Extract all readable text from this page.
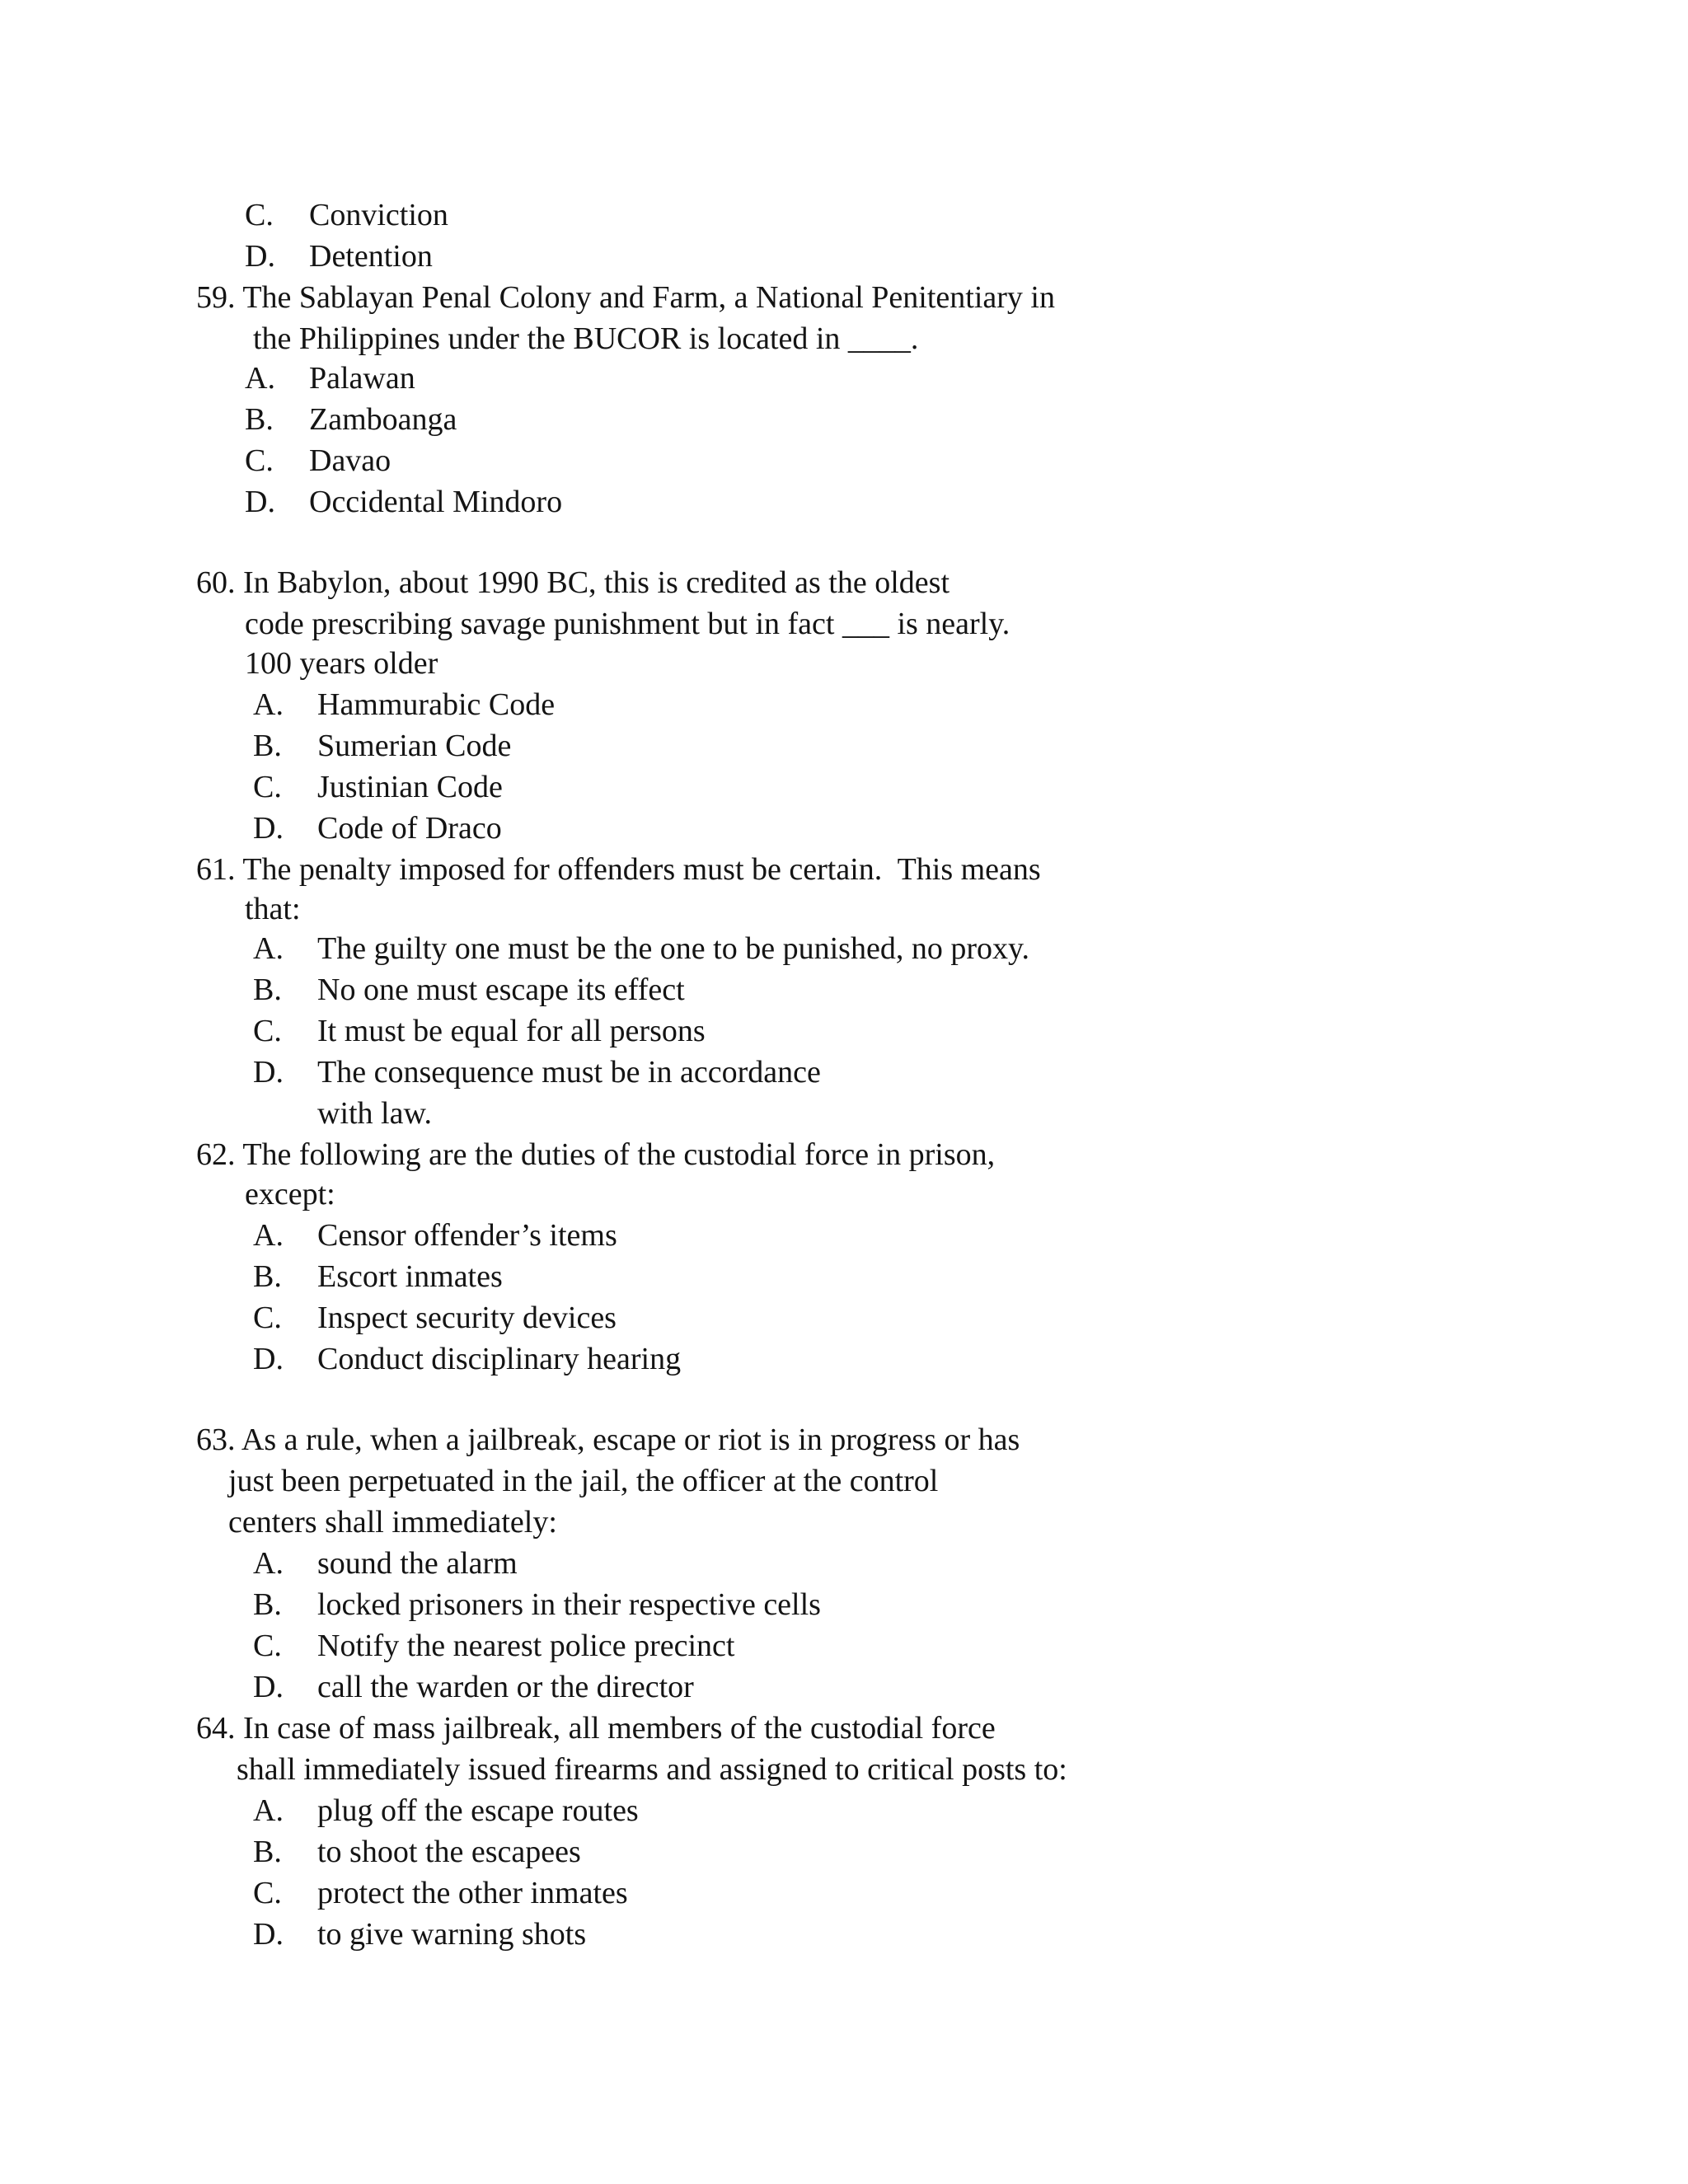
C. Conviction

D. Detention

59. The Sablayan Penal Colony and Farm, a National Penitentiary in

the Philippines under the BUCOR is located in ____.

A. Palawan

B. Zamboanga

C. Davao

D. Occidental Mindoro

60. In Babylon, about 1990 BC, this is credited as the oldest

code prescribing savage punishment but in fact ___ is nearly.

100 years older

A. Hammurabic Code

B. Sumerian Code

C. Justinian Code

D. Code of Draco

61. The penalty imposed for offenders must be certain.  This means

that:

A. The guilty one must be the one to be punished, no proxy.

B. No one must escape its effect

C. It must be equal for all persons

D. The consequence must be in accordance

with law.

62. The following are the duties of the custodial force in prison,

except:

A. Censor offender’s items

B. Escort inmates

C. Inspect security devices

D. Conduct disciplinary hearing

63. As a rule, when a jailbreak, escape or riot is in progress or has

just been perpetuated in the jail, the officer at the control

centers shall immediately:

A. sound the alarm

B. locked prisoners in their respective cells

C. Notify the nearest police precinct

D. call the warden or the director

64. In case of mass jailbreak, all members of the custodial force

shall immediately issued firearms and assigned to critical posts to:

A. plug off the escape routes

B. to shoot the escapees

C. protect the other inmates

D. to give warning shots
